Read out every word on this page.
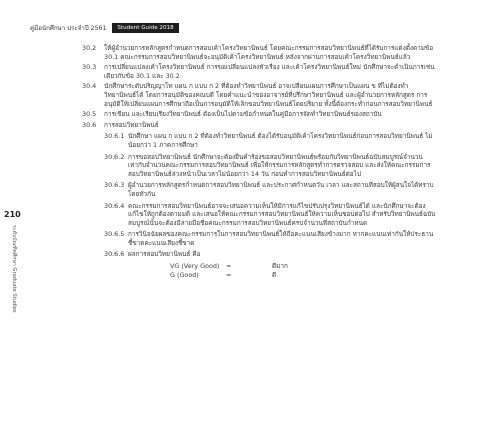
คู่มือนักศึกษา ประจำปี 2561	Student Guide 2018
210
ระดับบัณฑิตศึกษา Graduate Studies
30.2	ให้ผู้อำนวยการหลักสูตรกำหนดการสอบเค้าโครงวิทยานิพนธ์ โดยคณะกรรมการสอบวิทยานิพนธ์ที่ได้รับการแต่งตั้งตามข้อ 30.1 คณะกรรมการสอบวิทยานิพนธ์จะอนุมัติเค้าโครงวิทยานิพนธ์ หลังจากผ่านการสอบเค้าโครงวิทยานิพนธ์แล้ว
30.3	การเปลี่ยนแปลงเค้าโครงวิทยานิพนธ์ การขอเปลี่ยนแปลงหัวเรื่อง และเค้าโครงวิทยานิพนธ์ใหม่ นักศึกษาจะดำเนินการเช่นเดียวกับข้อ 30.1 และ 30.2
30.4	นักศึกษาระดับปริญญาโท แผน ก แบบ ก 2 ที่ต้องทำวิทยานิพนธ์ อาจเปลี่ยนแผนการศึกษาเป็นแผน ข ที่ไม่ต้องทำวิทยานิพนธ์ได้ โดยการอนุมัติของคณบดี โดยคำแนะนำของอาจารย์ที่ปรึกษาวิทยานิพนธ์ และผู้อำนวยการหลักสูตร การอนุมัติให้เปลี่ยนแผนการศึกษาถือเป็นการอนุมัติให้เลิกขอบวิทยานิพนธ์โดยปริยาย ทั้งนี้ต้องกระทำก่อนการสอบวิทยานิพนธ์
30.5	การเขียน และเรียบเรียงวิทยานิพนธ์ ต้องเป็นไปตามข้อกำหนดในคู่มือการจัดทำวิทยานิพนธ์ของสถาบัน
30.6	การสอบวิทยานิพนธ์
30.6.1 นักศึกษา แผน ก แบบ ก 2 ที่ต้องทำวิทยานิพนธ์ ต้องได้รับอนุมัติเค้าโครงวิทยานิพนธ์ก่อนการสอบวิทยานิพนธ์ ไม่น้อยกว่า 1 ภาคการศึกษา
30.6.2 การขอสอบวิทยานิพนธ์ นักศึกษาจะต้องยื่นคำร้องขอสอบวิทยานิพนธ์พร้อมกับวิทยานิพนธ์ฉบับสมบูรณ์จำนวนเท่ากับจำนวนคณะกรรมการสอบวิทยานิพนธ์ เพื่อให้กรรมการหลักสูตรทำการตรวจสอบ และส่งให้คณะกรรมการสอบวิทยานิพนธ์ล่วงหน้าเป็นเวลาไม่น้อยกว่า 14 วัน ก่อนทำการสอบวิทยานิพนธ์ต่อไป
30.6.3 ผู้อำนวยการหลักสูตรกำหนดการสอบวิทยานิพนธ์ และประกาศกำหนดวัน เวลา และสถานที่สอบให้ผู้สนใจได้ทราบโดยทั่วกัน
30.6.4 คณะกรรมการสอบวิทยานิพนธ์อาจจะเสนอความเห็นให้มีการแก้ไขปรับปรุงวิทยานิพนธ์ได้ และนักศึกษาจะต้องแก้ไขให้ถูกต้องตามมติ และเสนอให้คณะกรรมการสอบวิทยานิพนธ์ให้ความเห็นชอบต่อไป สำหรับวิทยานิพนธ์ฉบับสมบูรณ์นั้นจะต้องมีลายมือชื่อคณะกรรมการสอบวิทยานิพนธ์ครบจำนวนที่สถาบันกำหนด
30.6.5 การวินิจฉัยผลของคณะกรรมการในการสอบวิทยานิพนธ์ให้ถือคะแนนเสียงข้างมาก หากคะแนนเท่ากันให้ประธานชี้ขาดคะแนนเสียงชี้ขาด
30.6.6 ผลการสอบวิทยานิพนธ์ คือ
VG (Very Good)	=	ดีมาก
G (Good)	=	ดี
